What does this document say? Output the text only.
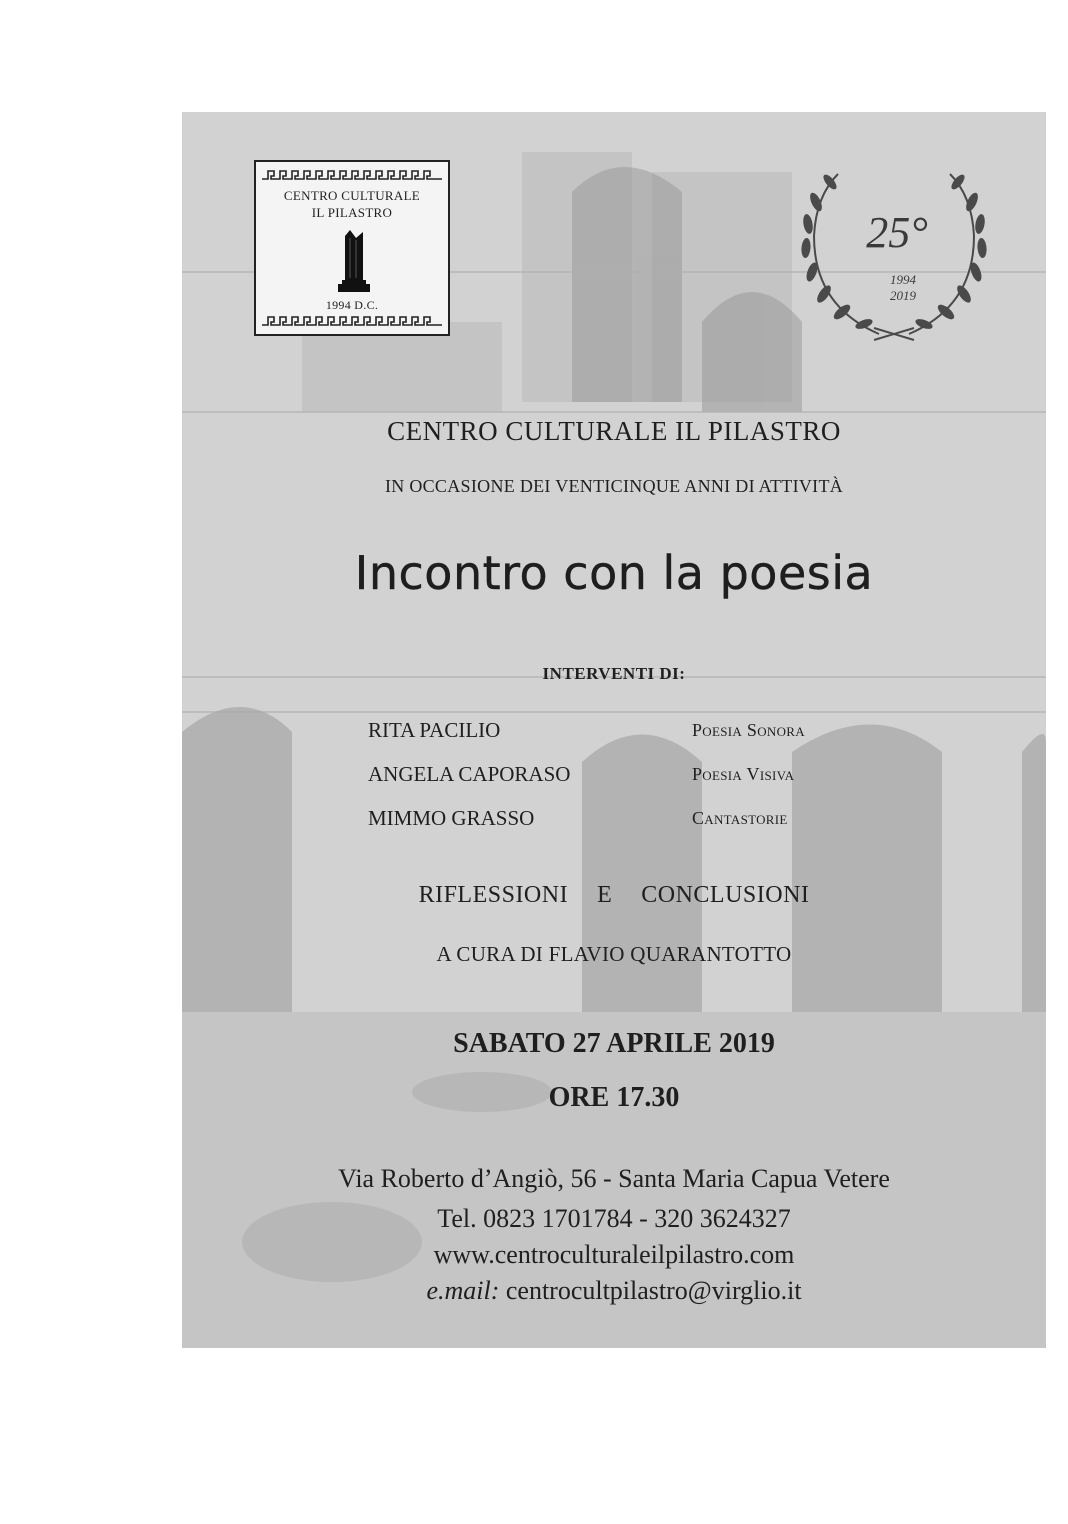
CENTRO CULTURALE
IL PILASTRO
1994 D.C.
25°
1994
2019
CENTRO CULTURALE IL PILASTRO
IN OCCASIONE DEI VENTICINQUE ANNI DI ATTIVITÀ
Incontro con la poesia
INTERVENTI DI:
RITA PACILIO	Poesia Sonora
ANGELA CAPORASO	Poesia Visiva
MIMMO GRASSO	Cantastorie
RIFLESSIONI  E  CONCLUSIONI
A CURA DI FLAVIO QUARANTOTTO
SABATO 27 APRILE 2019
ORE 17.30
Via Roberto d’Angiò, 56 - Santa Maria Capua Vetere
Tel. 0823 1701784 - 320 3624327
www.centroculturaleilpilastro.com
e.mail: centrocultpilastro@virglio.it
